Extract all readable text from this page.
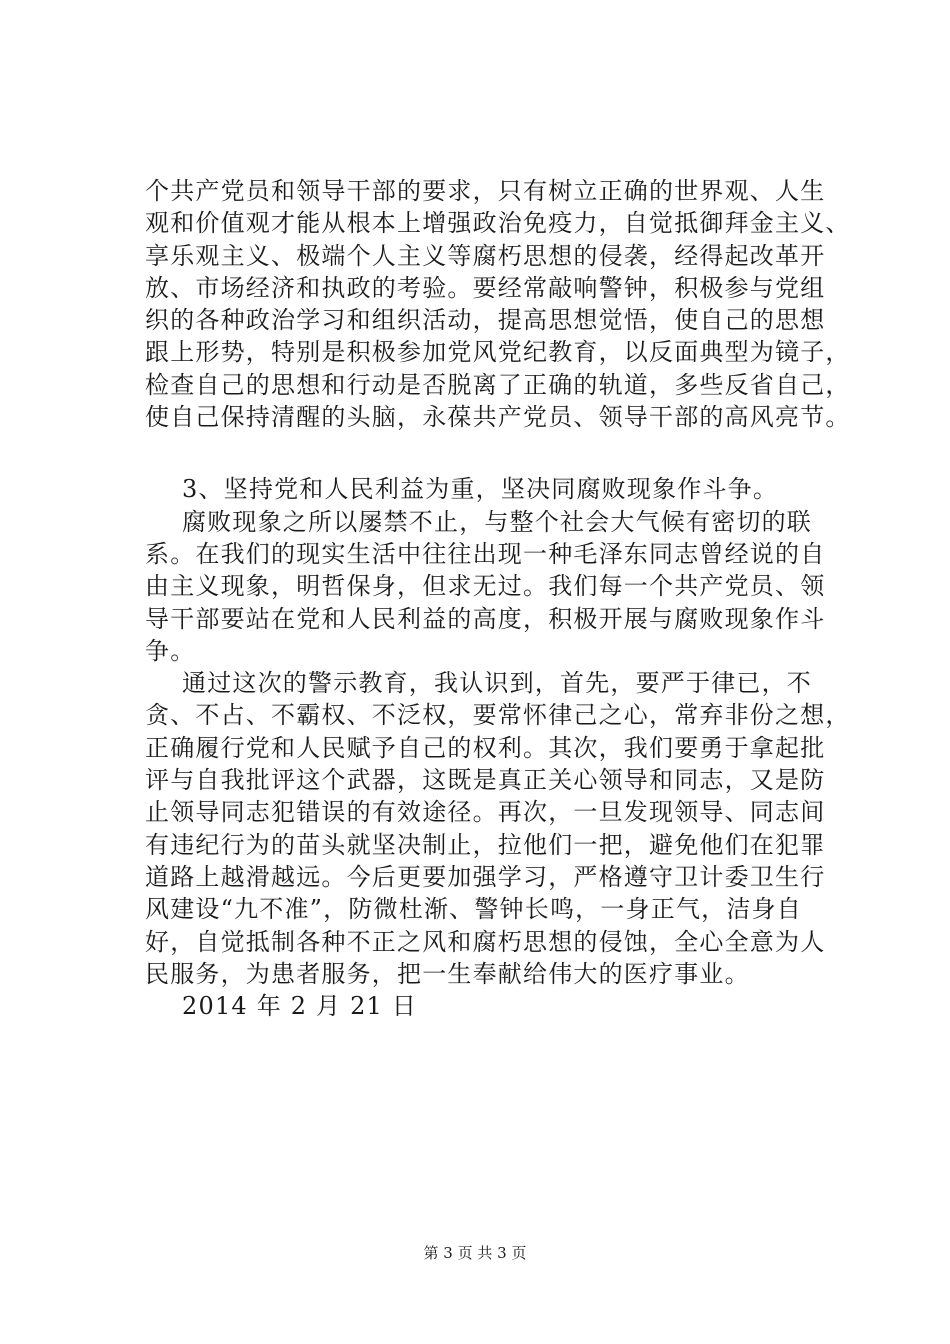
个共产党员和领导干部的要求，只有树立正确的世界观、人生
观和价值观才能从根本上增强政治免疫力，自觉抵御拜金主义、
享乐观主义、极端个人主义等腐朽思想的侵袭，经得起改革开
放、市场经济和执政的考验。要经常敲响警钟，积极参与党组
织的各种政治学习和组织活动，提高思想觉悟，使自己的思想
跟上形势，特别是积极参加党风党纪教育，以反面典型为镜子，
检查自己的思想和行动是否脱离了正确的轨道，多些反省自己，
使自己保持清醒的头脑，永葆共产党员、领导干部的高风亮节。
3、坚持党和人民利益为重，坚决同腐败现象作斗争。
腐败现象之所以屡禁不止，与整个社会大气候有密切的联
系。在我们的现实生活中往往出现一种毛泽东同志曾经说的自
由主义现象，明哲保身，但求无过。我们每一个共产党员、领
导干部要站在党和人民利益的高度，积极开展与腐败现象作斗
争。
通过这次的警示教育，我认识到，首先，要严于律已，不
贪、不占、不霸权、不泛权，要常怀律己之心，常弃非份之想，
正确履行党和人民赋予自己的权利。其次，我们要勇于拿起批
评与自我批评这个武器，这既是真正关心领导和同志，又是防
止领导同志犯错误的有效途径。再次，一旦发现领导、同志间
有违纪行为的苗头就坚决制止，拉他们一把，避免他们在犯罪
道路上越滑越远。今后更要加强学习，严格遵守卫计委卫生行
风建设“九不准”，防微杜渐、警钟长鸣，一身正气，洁身自
好，自觉抵制各种不正之风和腐朽思想的侵蚀，全心全意为人
民服务，为患者服务，把一生奉献给伟大的医疗事业。
2014 年 2 月 21 日
第 3 页 共 3 页
